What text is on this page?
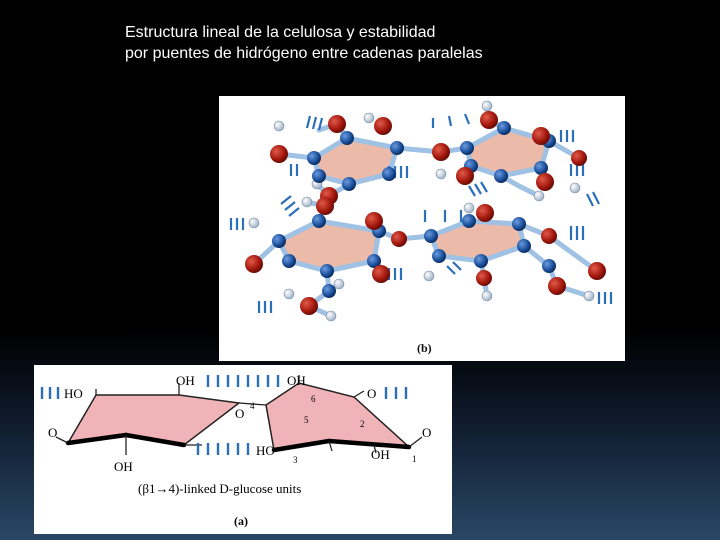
Estructura lineal de la celulosa y estabilidad
por puentes de hidrógeno entre cadenas paralelas
(b)
HO
OH	OH
O
O
O 4
6
5	2
3	1
O
OH
HO	OH
(β1→4)-linked D-glucose units
(a)
